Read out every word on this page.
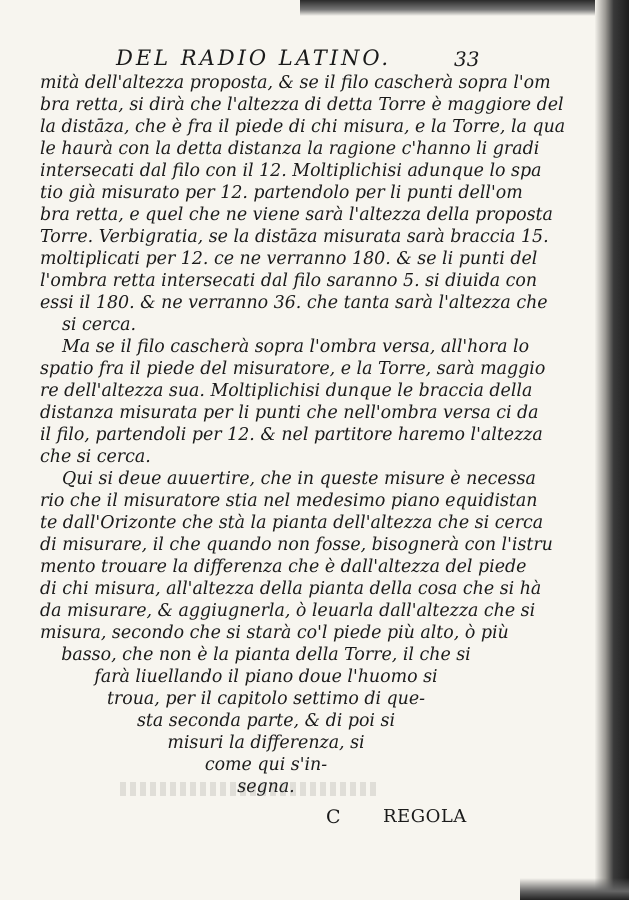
DEL RADIO LATINO.	33
mità dell'altezza proposta, & se il filo cascherà sopra l'om
bra retta, si dirà che l'altezza di detta Torre è maggiore del
la distāza, che è fra il piede di chi misura, e la Torre, la qua
le haurà con la detta distanza la ragione c'hanno li gradi
intersecati dal filo con il 12. Moltiplichisi adunque lo spa
tio già misurato per 12. partendolo per li punti dell'om
bra retta, e quel che ne viene sarà l'altezza della proposta
Torre. Verbigratia, se la distāza misurata sarà braccia 15.
moltiplicati per 12. ce ne verranno 180. & se li punti del
l'ombra retta intersecati dal filo saranno 5. si diuida con
essi il 180. & ne verranno 36. che tanta sarà l'altezza che
si cerca.
Ma se il filo cascherà sopra l'ombra versa, all'hora lo
spatio fra il piede del misuratore, e la Torre, sarà maggio
re dell'altezza sua. Moltiplichisi dunque le braccia della
distanza misurata per li punti che nell'ombra versa ci da
il filo, partendoli per 12. & nel partitore haremo l'altezza
che si cerca.
Qui si deue auuertire, che in queste misure è necessa
rio che il misuratore stia nel medesimo piano equidistan
te dall'Orizonte che stà la pianta dell'altezza che si cerca
di misurare, il che quando non fosse, bisognerà con l'istru
mento trouare la differenza che è dall'altezza del piede
di chi misura, all'altezza della pianta della cosa che si hà
da misurare, & aggiugnerla, ò leuarla dall'altezza che si
misura, secondo che si starà co'l piede più alto, ò più
basso, che non è la pianta della Torre, il che si
farà liuellando il piano doue l'huomo si
troua, per il capitolo settimo di que-
sta seconda parte, & di poi si
misuri la differenza, si
come qui s'in-
segna.
C REGOLA
